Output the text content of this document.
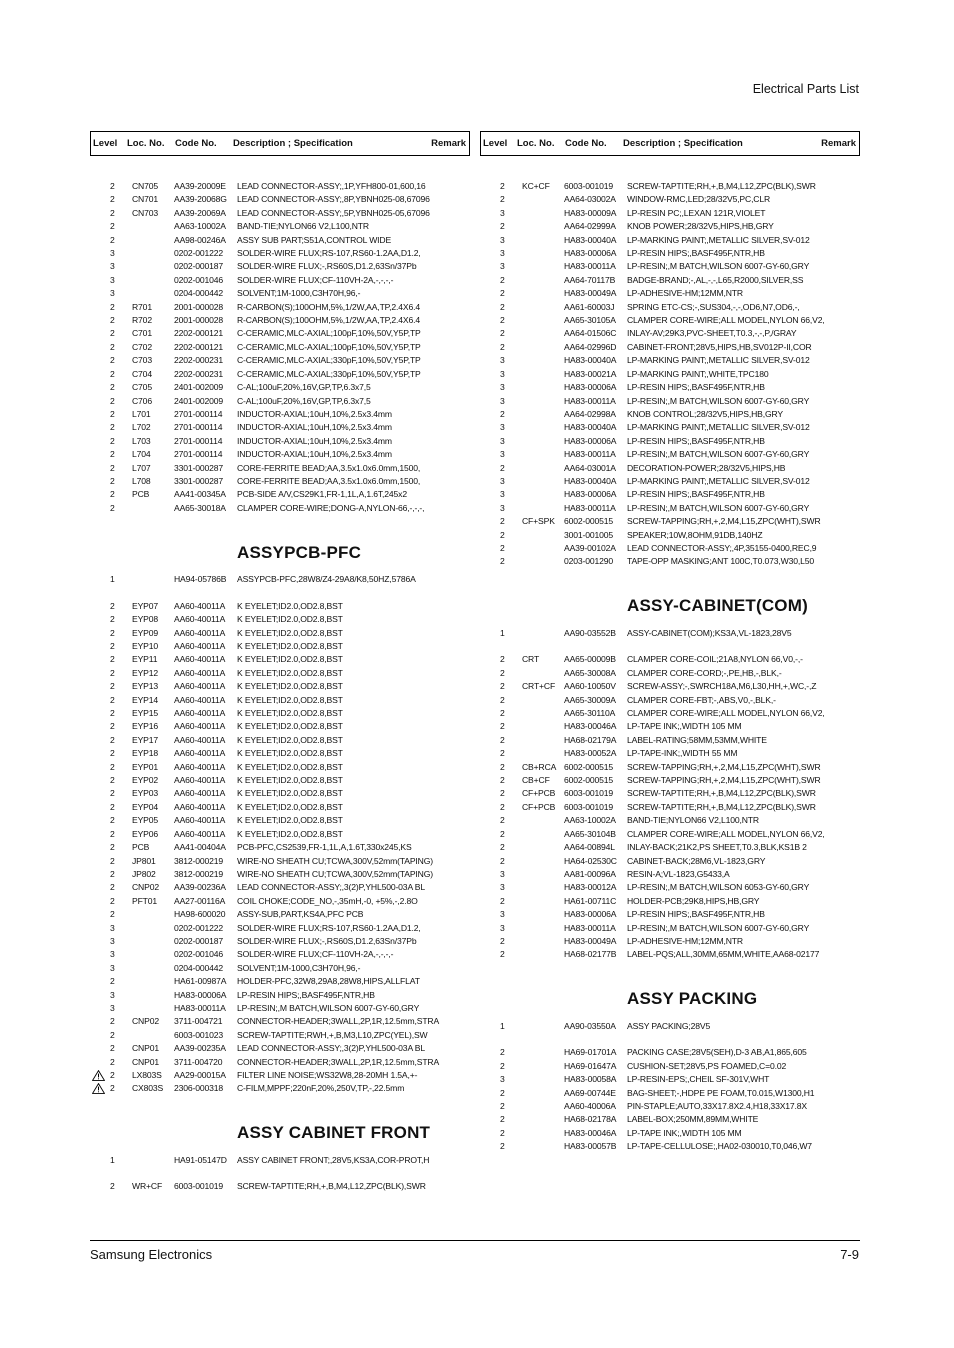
Electrical Parts List
Level Loc. No. Code No. Description ; Specification	Remark
2 CN705 AA39-20009E LEAD CONNECTOR-ASSY;,1P,YFH800-01,600,16
2 CN701 AA39-20068G LEAD CONNECTOR-ASSY;,8P,YBNH025-08,67096
2 CN703 AA39-20069A LEAD CONNECTOR-ASSY;,5P,YBNH025-05,67096
2	AA63-10002A BAND-TIE;NYLON66 V2,L100,NTR
2	AA98-00246A ASSY SUB PART;S51A,CONTROL WIDE
3	0202-001222 SOLDER-WIRE FLUX;RS-107,RS60-1.2AA,D1.2,
3	0202-000187 SOLDER-WIRE FLUX;-,RS60S,D1.2,63Sn/37Pb
3	0202-001046 SOLDER-WIRE FLUX;CF-110VH-2A,-,-,-,-
3	0204-000442 SOLVENT;1M-1000,C3H70H,96,-
2 R701	2001-000028 R-CARBON(S);100OHM,5%,1/2W,AA,TP,2.4X6.4
2 R702	2001-000028 R-CARBON(S);100OHM,5%,1/2W,AA,TP,2.4X6.4
2 C701	2202-000121 C-CERAMIC,MLC-AXIAL;100pF,10%,50V,Y5P,TP
2 C702	2202-000121 C-CERAMIC,MLC-AXIAL;100pF,10%,50V,Y5P,TP
2 C703	2202-000231 C-CERAMIC,MLC-AXIAL;330pF,10%,50V,Y5P,TP
2 C704	2202-000231 C-CERAMIC,MLC-AXIAL;330pF,10%,50V,Y5P,TP
2 C705	2401-002009 C-AL;100uF,20%,16V,GP,TP,6.3x7,5
2 C706	2401-002009 C-AL;100uF,20%,16V,GP,TP,6.3x7,5
2 L701	2701-000114 INDUCTOR-AXIAL;10uH,10%,2.5x3.4mm
2 L702	2701-000114 INDUCTOR-AXIAL;10uH,10%,2.5x3.4mm
2 L703	2701-000114 INDUCTOR-AXIAL;10uH,10%,2.5x3.4mm
2 L704	2701-000114 INDUCTOR-AXIAL;10uH,10%,2.5x3.4mm
2 L707	3301-000287 CORE-FERRITE BEAD;AA,3.5x1.0x6.0mm,1500,
2 L708	3301-000287 CORE-FERRITE BEAD;AA,3.5x1.0x6.0mm,1500,
2 PCB	AA41-00345A PCB-SIDE A/V,CS29K1,FR-1,1L,A,1.6T,245x2
2	AA65-30018A CLAMPER CORE-WIRE;DONG-A,NYLON-66,-,-,-,
ASSYPCB-PFC
1	HA94-05786B ASSYPCB-PFC,28W8/Z4-29A8/K8,50HZ,5786A
2 EYP07 AA60-40011A K EYELET;ID2.0,OD2.8,BST
2 EYP08 AA60-40011A K EYELET;ID2.0,OD2.8,BST
2 EYP09 AA60-40011A K EYELET;ID2.0,OD2.8,BST
2 EYP10 AA60-40011A K EYELET;ID2.0,OD2.8,BST
2 EYP11 AA60-40011A K EYELET;ID2.0,OD2.8,BST
2 EYP12 AA60-40011A K EYELET;ID2.0,OD2.8,BST
2 EYP13 AA60-40011A K EYELET;ID2.0,OD2.8,BST
2 EYP14 AA60-40011A K EYELET;ID2.0,OD2.8,BST
2 EYP15 AA60-40011A K EYELET;ID2.0,OD2.8,BST
2 EYP16 AA60-40011A K EYELET;ID2.0,OD2.8,BST
2 EYP17 AA60-40011A K EYELET;ID2.0,OD2.8,BST
2 EYP18 AA60-40011A K EYELET;ID2.0,OD2.8,BST
2 EYP01 AA60-40011A K EYELET;ID2.0,OD2.8,BST
2 EYP02 AA60-40011A K EYELET;ID2.0,OD2.8,BST
2 EYP03 AA60-40011A K EYELET;ID2.0,OD2.8,BST
2 EYP04 AA60-40011A K EYELET;ID2.0,OD2.8,BST
2 EYP05 AA60-40011A K EYELET;ID2.0,OD2.8,BST
2 EYP06 AA60-40011A K EYELET;ID2.0,OD2.8,BST
2 PCB	AA41-00404A PCB-PFC,CS2539,FR-1,1L,A,1.6T,330x245,KS
2 JP801 3812-000219 WIRE-NO SHEATH CU;TCWA,300V,52mm(TAPING)
2 JP802 3812-000219 WIRE-NO SHEATH CU;TCWA,300V,52mm(TAPING)
2 CNP02 AA39-00236A LEAD CONNECTOR-ASSY;,3(2)P,YHL500-03A BL
2 PFT01 AA27-00116A COIL CHOKE;CODE_NO,-,35mH,-0, +5%,-,2.8O
2	HA98-600020 ASSY-SUB,PART,KS4A,PFC PCB
3	0202-001222 SOLDER-WIRE FLUX;RS-107,RS60-1.2AA,D1.2,
3	0202-000187 SOLDER-WIRE FLUX;-,RS60S,D1.2,63Sn/37Pb
3	0202-001046 SOLDER-WIRE FLUX;CF-110VH-2A,-,-,-,-
3	0204-000442 SOLVENT;1M-1000,C3H70H,96,-
2	HA61-00987A HOLDER-PFC,32W8,29A8,28W8,HIPS,ALLFLAT
3	HA83-00006A LP-RESIN HIPS;,BASF495F,NTR,HB
3	HA83-00011A LP-RESIN;,M BATCH,WILSON 6007-GY-60,GRY
2 CNP02 3711-004721 CONNECTOR-HEADER;3WALL,2P,1R,12.5mm,STRA
2	6003-001023 SCREW-TAPTITE;RWH,+,B,M3,L10,ZPC(YEL),SW
2 CNP01 AA39-00235A LEAD CONNECTOR-ASSY;,3(2)P,YHL500-03A BL
2 CNP01 3711-004720 CONNECTOR-HEADER;3WALL,2P,1R,12.5mm,STRA
2 LX803S AA29-00015A FILTER LINE NOISE;WS32W8,28-20MH 1.5A,+-
2 CX803S 2306-000318 C-FILM,MPPF;220nF,20%,250V,TP,-,22.5mm
ASSY CABINET FRONT
1	HA91-05147D ASSY CABINET FRONT;,28V5,KS3A,COR-PROT,H
2 WR+CF 6003-001019 SCREW-TAPTITE;RH,+,B,M4,L12,ZPC(BLK),SWR
Level Loc. No. Code No. Description ; Specification	Remark
2 KC+CF 6003-001019 SCREW-TAPTITE;RH,+,B,M4,L12,ZPC(BLK),SWR
2	AA64-03002A WINDOW-RMC,LED;28/32V5,PC,CLR
3	HA83-00009A LP-RESIN PC;,LEXAN 121R,VIOLET
2	AA64-02999A KNOB POWER;28/32V5,HIPS,HB,GRY
3	HA83-00040A LP-MARKING PAINT;,METALLIC SILVER,SV-012
3	HA83-00006A LP-RESIN HIPS;,BASF495F,NTR,HB
3	HA83-00011A LP-RESIN;,M BATCH,WILSON 6007-GY-60,GRY
2	AA64-70117B BADGE-BRAND;-,AL,-,-,L65,R2000,SILVER,SS
2	HA83-00049A LP-ADHESIVE-HM;12MM,NTR
2	AA61-60003J SPRING ETC-CS;-,SUS304,-,-,OD6,N7,OD6,-,
2	AA65-30105A CLAMPER CORE-WIRE;ALL MODEL,NYLON 66,V2,
2	AA64-01506C INLAY-AV;29K3,PVC-SHEET,T0.3,-,-,P,/GRAY
2	AA64-02996D CABINET-FRONT;28V5,HIPS,HB,SV012P-II,COR
3	HA83-00040A LP-MARKING PAINT;,METALLIC SILVER,SV-012
3	HA83-00021A LP-MARKING PAINT;,WHITE,TPC180
3	HA83-00006A LP-RESIN HIPS;,BASF495F,NTR,HB
3	HA83-00011A LP-RESIN;,M BATCH,WILSON 6007-GY-60,GRY
2	AA64-02998A KNOB CONTROL;28/32V5,HIPS,HB,GRY
3	HA83-00040A LP-MARKING PAINT;,METALLIC SILVER,SV-012
3	HA83-00006A LP-RESIN HIPS;,BASF495F,NTR,HB
3	HA83-00011A LP-RESIN;,M BATCH,WILSON 6007-GY-60,GRY
2	AA64-03001A DECORATION-POWER;28/32V5,HIPS,HB
3	HA83-00040A LP-MARKING PAINT;,METALLIC SILVER,SV-012
3	HA83-00006A LP-RESIN HIPS;,BASF495F,NTR,HB
3	HA83-00011A LP-RESIN;,M BATCH,WILSON 6007-GY-60,GRY
2 CF+SPK 6002-000515 SCREW-TAPPING;RH,+,2,M4,L15,ZPC(WHT),SWR
2	3001-001005 SPEAKER;10W,8OHM,91DB,140HZ
2	AA39-00102A LEAD CONNECTOR-ASSY;,4P,35155-0400,REC,9
2	0203-001290 TAPE-OPP MASKING;ANT 100C,T0.073,W30,L50
ASSY-CABINET(COM)
1	AA90-03552B ASSY-CABINET(COM);KS3A,VL-1823,28V5
2 CRT	AA65-00009B CLAMPER CORE-COIL;21A8,NYLON 66,V0,-,-
2	AA65-30008A CLAMPER CORE-CORD;-,PE,HB,-,BLK,-
2 CRT+CF AA60-10050V SCREW-ASSY;-,SWRCH18A,M6,L30,HH,+,WC,-,Z
2	AA65-30009A CLAMPER CORE-FBT;-,ABS,V0,-,BLK,-
2	AA65-30110A CLAMPER CORE-WIRE;ALL MODEL,NYLON 66,V2,
2	HA83-00046A LP-TAPE INK;,WIDTH 105 MM
2	HA68-02179A LABEL-RATING;58MM,53MM,WHITE
2	HA83-00052A LP-TAPE-INK;,WIDTH 55 MM
2 CB+RCA 6002-000515 SCREW-TAPPING;RH,+,2,M4,L15,ZPC(WHT),SWR
2 CB+CF 6002-000515 SCREW-TAPPING;RH,+,2,M4,L15,ZPC(WHT),SWR
2 CF+PCB 6003-001019 SCREW-TAPTITE;RH,+,B,M4,L12,ZPC(BLK),SWR
2 CF+PCB 6003-001019 SCREW-TAPTITE;RH,+,B,M4,L12,ZPC(BLK),SWR
2	AA63-10002A BAND-TIE;NYLON66 V2,L100,NTR
2	AA65-30104B CLAMPER CORE-WIRE;ALL MODEL,NYLON 66,V2,
2	AA64-00894L INLAY-BACK;21K2,PS SHEET,T0.3,BLK,KS1B 2
2	HA64-02530C CABINET-BACK;28M6,VL-1823,GRY
3	AA81-00096A RESIN-A;VL-1823,G5433,A
3	HA83-00012A LP-RESIN;,M BATCH,WILSON 6053-GY-60,GRY
2	HA61-00711C HOLDER-PCB;29K8,HIPS,HB,GRY
3	HA83-00006A LP-RESIN HIPS;,BASF495F,NTR,HB
3	HA83-00011A LP-RESIN;,M BATCH,WILSON 6007-GY-60,GRY
2	HA83-00049A LP-ADHESIVE-HM;12MM,NTR
2	HA68-02177B LABEL-PQS;ALL,30MM,65MM,WHITE,AA68-02177
ASSY PACKING
1	AA90-03550A ASSY PACKING;28V5
2	HA69-01701A PACKING CASE;28V5(SEH),D-3 AB,A1,865,605
2	HA69-01647A CUSHION-SET;28V5,PS FOAMED,C=0.02
3	HA83-00058A LP-RESIN-EPS;,CHEIL SF-301V,WHT
2	AA69-00744E BAG-SHEET;-,HDPE PE FOAM,T0.015,W1300,H1
2	AA60-40006A PIN-STAPLE;AUTO,33X17.8X2.4,H18,33X17.8X
2	HA68-02178A LABEL-BOX;250MM,89MM,WHITE
2	HA83-00046A LP-TAPE INK;,WIDTH 105 MM
2	HA83-00057B LP-TAPE-CELLULOSE;,HA02-030010,T0,046,W7
Samsung Electronics	7-9
